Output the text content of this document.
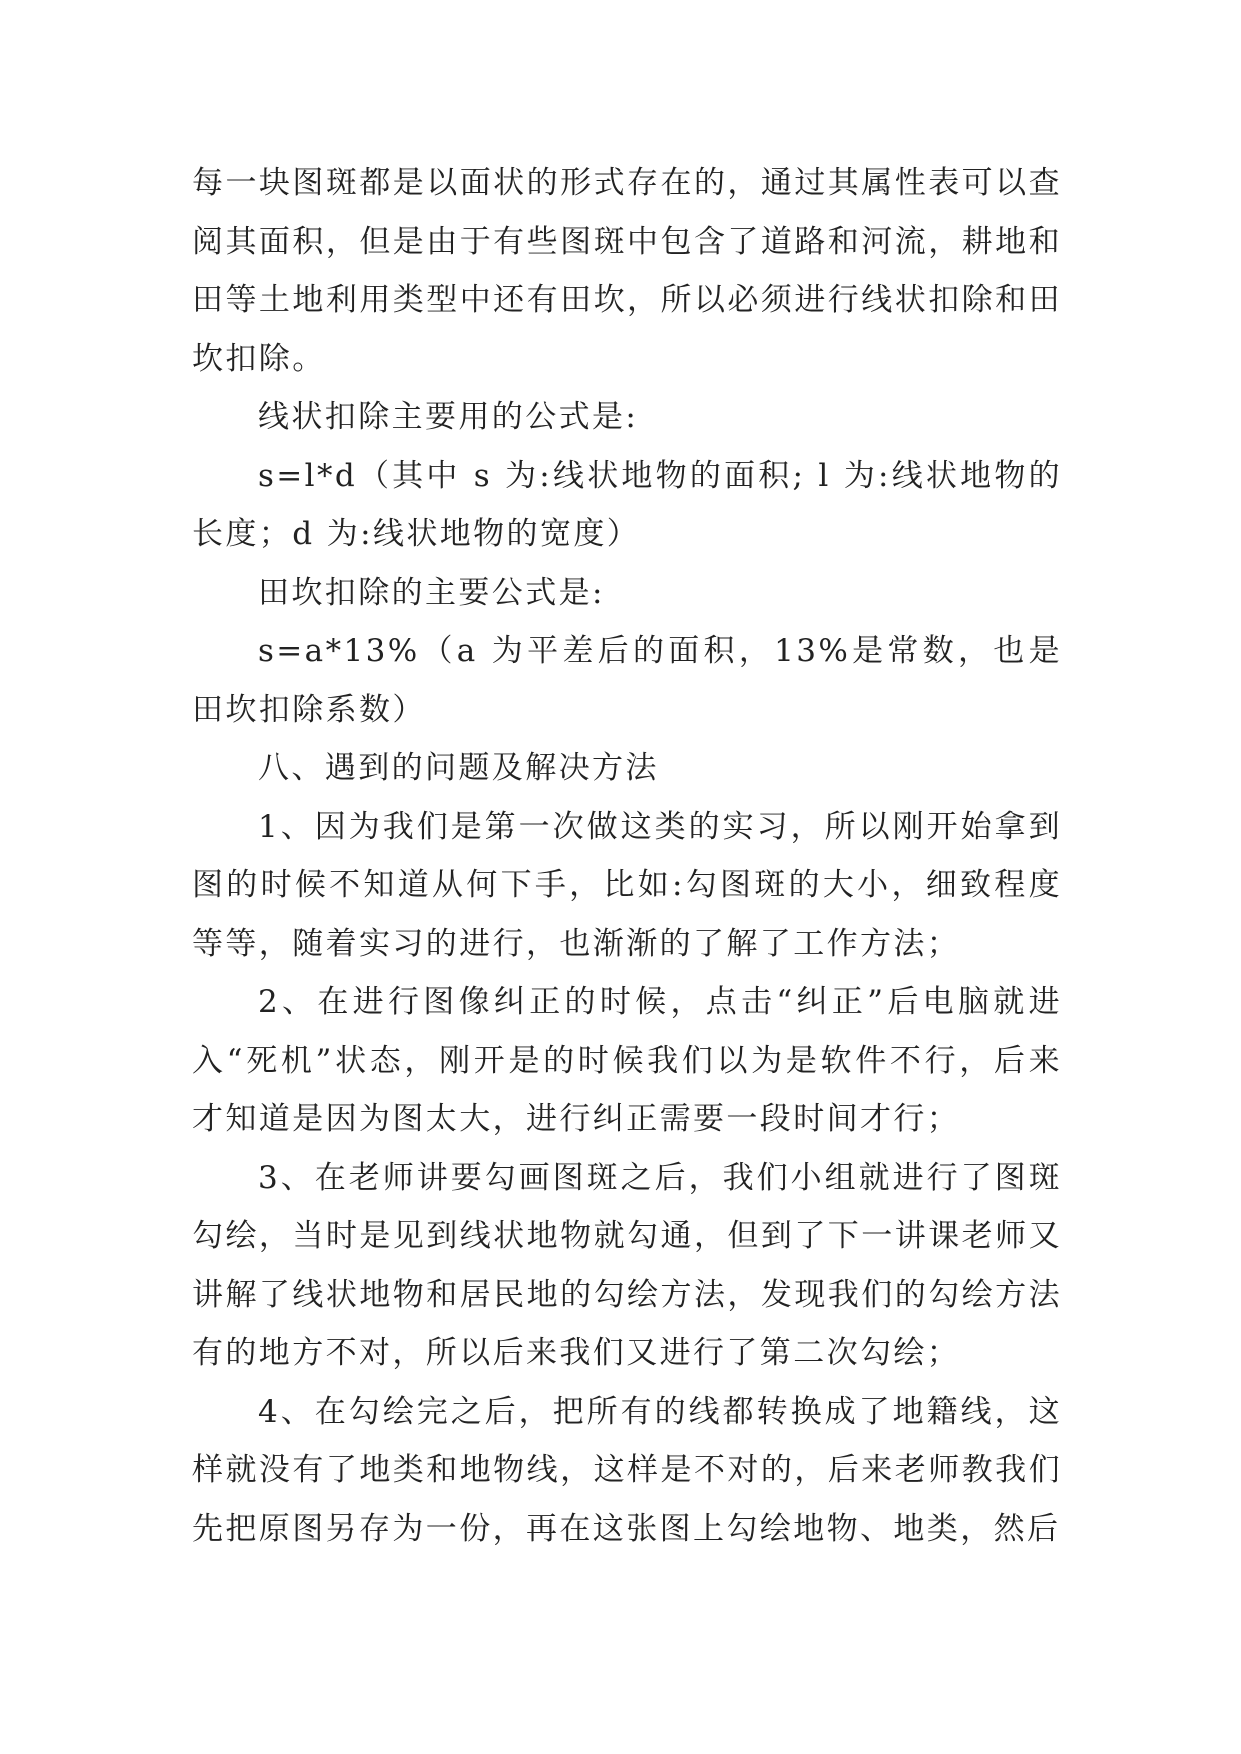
每一块图斑都是以面状的形式存在的，通过其属性表可以查阅其面积，但是由于有些图斑中包含了道路和河流，耕地和田等土地利用类型中还有田坎，所以必须进行线状扣除和田坎扣除。

线状扣除主要用的公式是:

s=l*d（其中 s 为:线状地物的面积; l 为:线状地物的长度；d 为:线状地物的宽度）

田坎扣除的主要公式是:

s=a*13%（a 为平差后的面积，13%是常数，也是田坎扣除系数）

八、遇到的问题及解决方法

1、因为我们是第一次做这类的实习，所以刚开始拿到图的时候不知道从何下手，比如:勾图斑的大小，细致程度等等，随着实习的进行，也渐渐的了解了工作方法；

2、在进行图像纠正的时候，点击“纠正”后电脑就进入“死机”状态，刚开是的时候我们以为是软件不行，后来才知道是因为图太大，进行纠正需要一段时间才行；

3、在老师讲要勾画图斑之后，我们小组就进行了图斑勾绘，当时是见到线状地物就勾通，但到了下一讲课老师又讲解了线状地物和居民地的勾绘方法，发现我们的勾绘方法有的地方不对，所以后来我们又进行了第二次勾绘；

4、在勾绘完之后，把所有的线都转换成了地籍线，这样就没有了地类和地物线，这样是不对的，后来老师教我们先把原图另存为一份，再在这张图上勾绘地物、地类，然后
